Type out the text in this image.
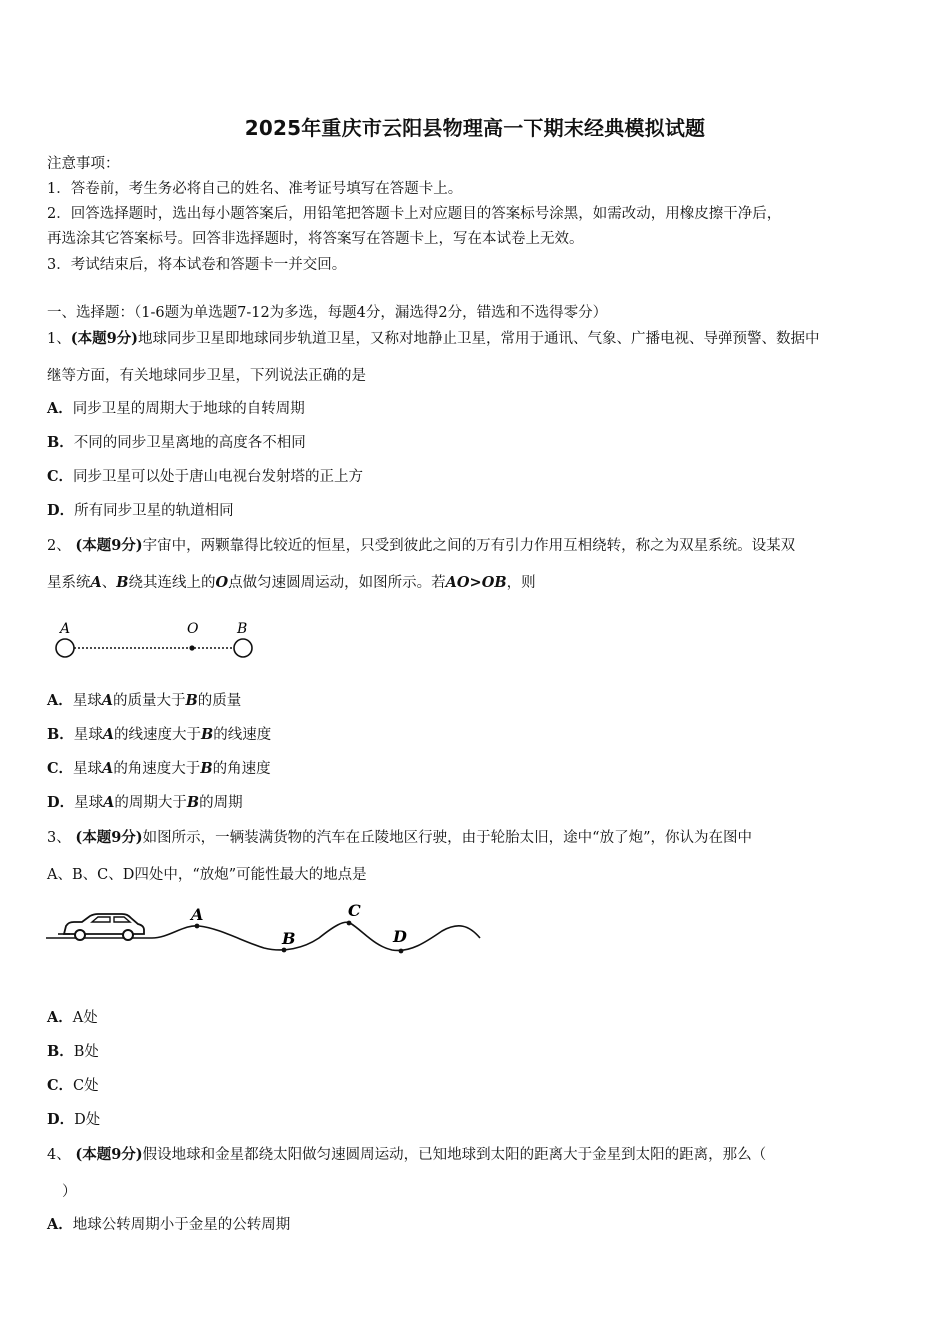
2025年重庆市云阳县物理高一下期末经典模拟试题
注意事项：
1．答卷前，考生务必将自己的姓名、准考证号填写在答题卡上。
2．回答选择题时，选出每小题答案后，用铅笔把答题卡上对应题目的答案标号涂黑，如需改动，用橡皮擦干净后，
再选涂其它答案标号。回答非选择题时，将答案写在答题卡上，写在本试卷上无效。
3．考试结束后，将本试卷和答题卡一并交回。
一、选择题：（1-6题为单选题7-12为多选，每题4分，漏选得2分，错选和不选得零分）
1、(本题9分)地球同步卫星即地球同步轨道卫星，又称对地静止卫星，常用于通讯、气象、广播电视、导弹预警、数据中
继等方面，有关地球同步卫星，下列说法正确的是
A．同步卫星的周期大于地球的自转周期
B．不同的同步卫星离地的高度各不相同
C．同步卫星可以处于唐山电视台发射塔的正上方
D．所有同步卫星的轨道相同
2、 (本题9分)宇宙中，两颗靠得比较近的恒星，只受到彼此之间的万有引力作用互相绕转，称之为双星系统。设某双
星系统A、B绕其连线上的O点做匀速圆周运动，如图所示。若AO>OB，则
A	O	B
A．星球A的质量大于B的质量
B．星球A的线速度大于B的线速度
C．星球A的角速度大于B的角速度
D．星球A的周期大于B的周期
3、 (本题9分)如图所示，一辆装满货物的汽车在丘陵地区行驶，由于轮胎太旧，途中“放了炮”，你认为在图中
A、B、C、D四处中，“放炮”可能性最大的地点是
A
B
C
D
A．A处
B．B处
C．C处
D．D处
4、 (本题9分)假设地球和金星都绕太阳做匀速圆周运动，已知地球到太阳的距离大于金星到太阳的距离，那么（
）
A．地球公转周期小于金星的公转周期
